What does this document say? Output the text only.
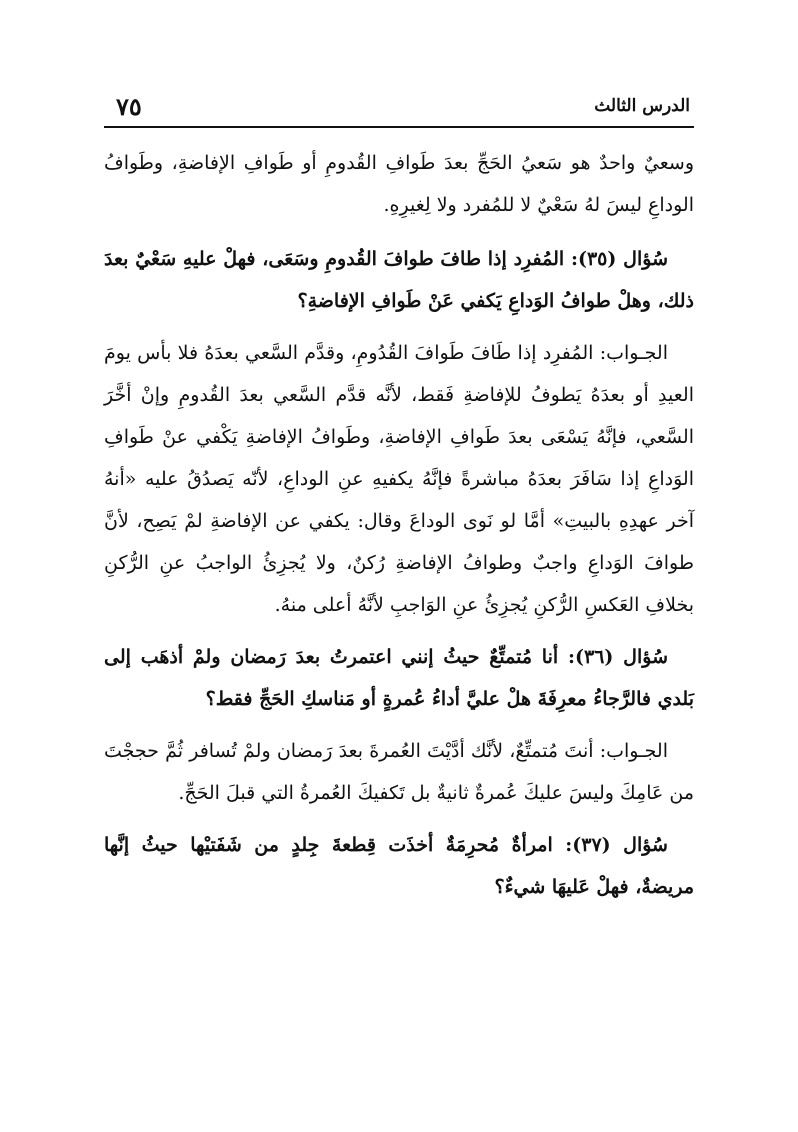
٧٥	الدرس الثالث

وسعيٌ واحدٌ هو سَعيُ الحَجِّ بعدَ طَوافِ القُدومِ أو طَوافِ الإفاضةِ، وطَوافُ الوداعِ ليسَ لهُ سَعْيٌ لا للمُفرد ولا لِغيرِهِ.

سُؤال (٣٥): المُفرِد إذا طافَ طوافَ القُدومِ وسَعَى، فهلْ عليهِ سَعْيٌ بعدَ ذلك، وهلْ طوافُ الوَداعِ يَكفي عَنْ طَوافِ الإفاضةِ؟

الجـواب: المُفرِد إذا طَافَ طَوافَ القُدُومِ، وقدَّم السَّعي بعدَهُ فلا بأس يومَ العيدِ أو بعدَهُ يَطوفُ للإفاضةِ فَقط، لأنَّه قدَّم السَّعي بعدَ القُدومِ وإنْ أخَّرَ السَّعي، فإنَّهُ يَسْعَى بعدَ طَوافِ الإفاضةِ، وطَوافُ الإفاضةِ يَكْفي عنْ طَوافِ الوَداعِ إذا سَافَرَ بعدَهُ مباشرةً فإنَّهُ يكفيهِ عنِ الوداعِ، لأنّه يَصدُقُ عليه «أنهُ آخر عهدِهِ بالبيتِ» أمَّا لو نَوى الوداعَ وقال: يكفي عن الإفاضةِ لمْ يَصِح، لأنَّ طوافَ الوَداعِ واجبٌ وطوافُ الإفاضةِ رُكنٌ، ولا يُجزِئُ الواجبُ عنِ الرُّكنِ بخلافِ العَكسِ الرُّكنِ يُجزِئُ عنِ الوَاجبِ لأنَّهُ أعلى منهُ.

سُؤال (٣٦): أنا مُتمتِّعٌ حيثُ إنني اعتمرتُ بعدَ رَمضان ولمْ أذهَب إلى بَلدي فالرَّجاءُ معرِفَةَ هلْ عليَّ أداءُ عُمرةٍ أو مَناسكِ الحَجِّ فقط؟

الجـواب: أنتَ مُتمتِّعٌ، لأنَّك أدَّيْتَ العُمرةَ بعدَ رَمضان ولمْ تُسافر ثُمَّ حججْتَ من عَامِكَ وليسَ عليكَ عُمرةٌ ثانيةٌ بل تَكفيكَ العُمرةُ التي قبلَ الحَجِّ.

سُؤال (٣٧): امرأةٌ مُحرِمَةٌ أخذَت قِطعةَ جِلدٍ من شَفَتيْها حيثُ إنَّها مريضةٌ، فهلْ عَليهَا شيءٌ؟
